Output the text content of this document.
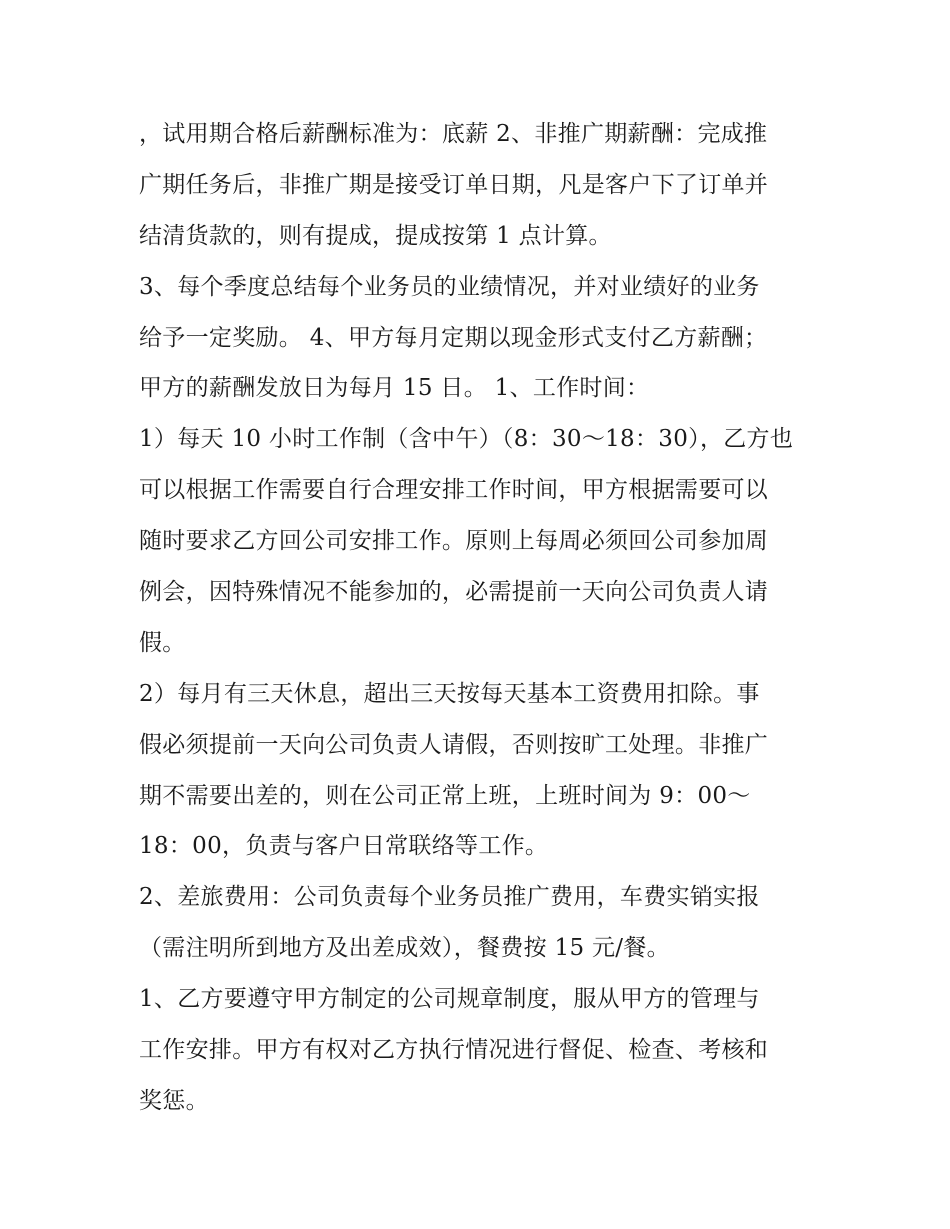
，试用期合格后薪酬标准为：底薪 2、非推广期薪酬：完成推
广期任务后，非推广期是接受订单日期，凡是客户下了订单并
结清货款的，则有提成，提成按第 1 点计算。
3、每个季度总结每个业务员的业绩情况，并对业绩好的业务
给予一定奖励。 4、甲方每月定期以现金形式支付乙方薪酬；
甲方的薪酬发放日为每月 15 日。 1、工作时间：
1）每天 10 小时工作制（含中午）（8：30～18：30），乙方也
可以根据工作需要自行合理安排工作时间，甲方根据需要可以
随时要求乙方回公司安排工作。原则上每周必须回公司参加周
例会，因特殊情况不能参加的，必需提前一天向公司负责人请
假。
2）每月有三天休息，超出三天按每天基本工资费用扣除。事
假必须提前一天向公司负责人请假，否则按旷工处理。非推广
期不需要出差的，则在公司正常上班，上班时间为 9：00～
18：00，负责与客户日常联络等工作。
2、差旅费用：公司负责每个业务员推广费用，车费实销实报
（需注明所到地方及出差成效），餐费按 15 元/餐。
1、乙方要遵守甲方制定的公司规章制度，服从甲方的管理与
工作安排。甲方有权对乙方执行情况进行督促、检查、考核和
奖惩。
